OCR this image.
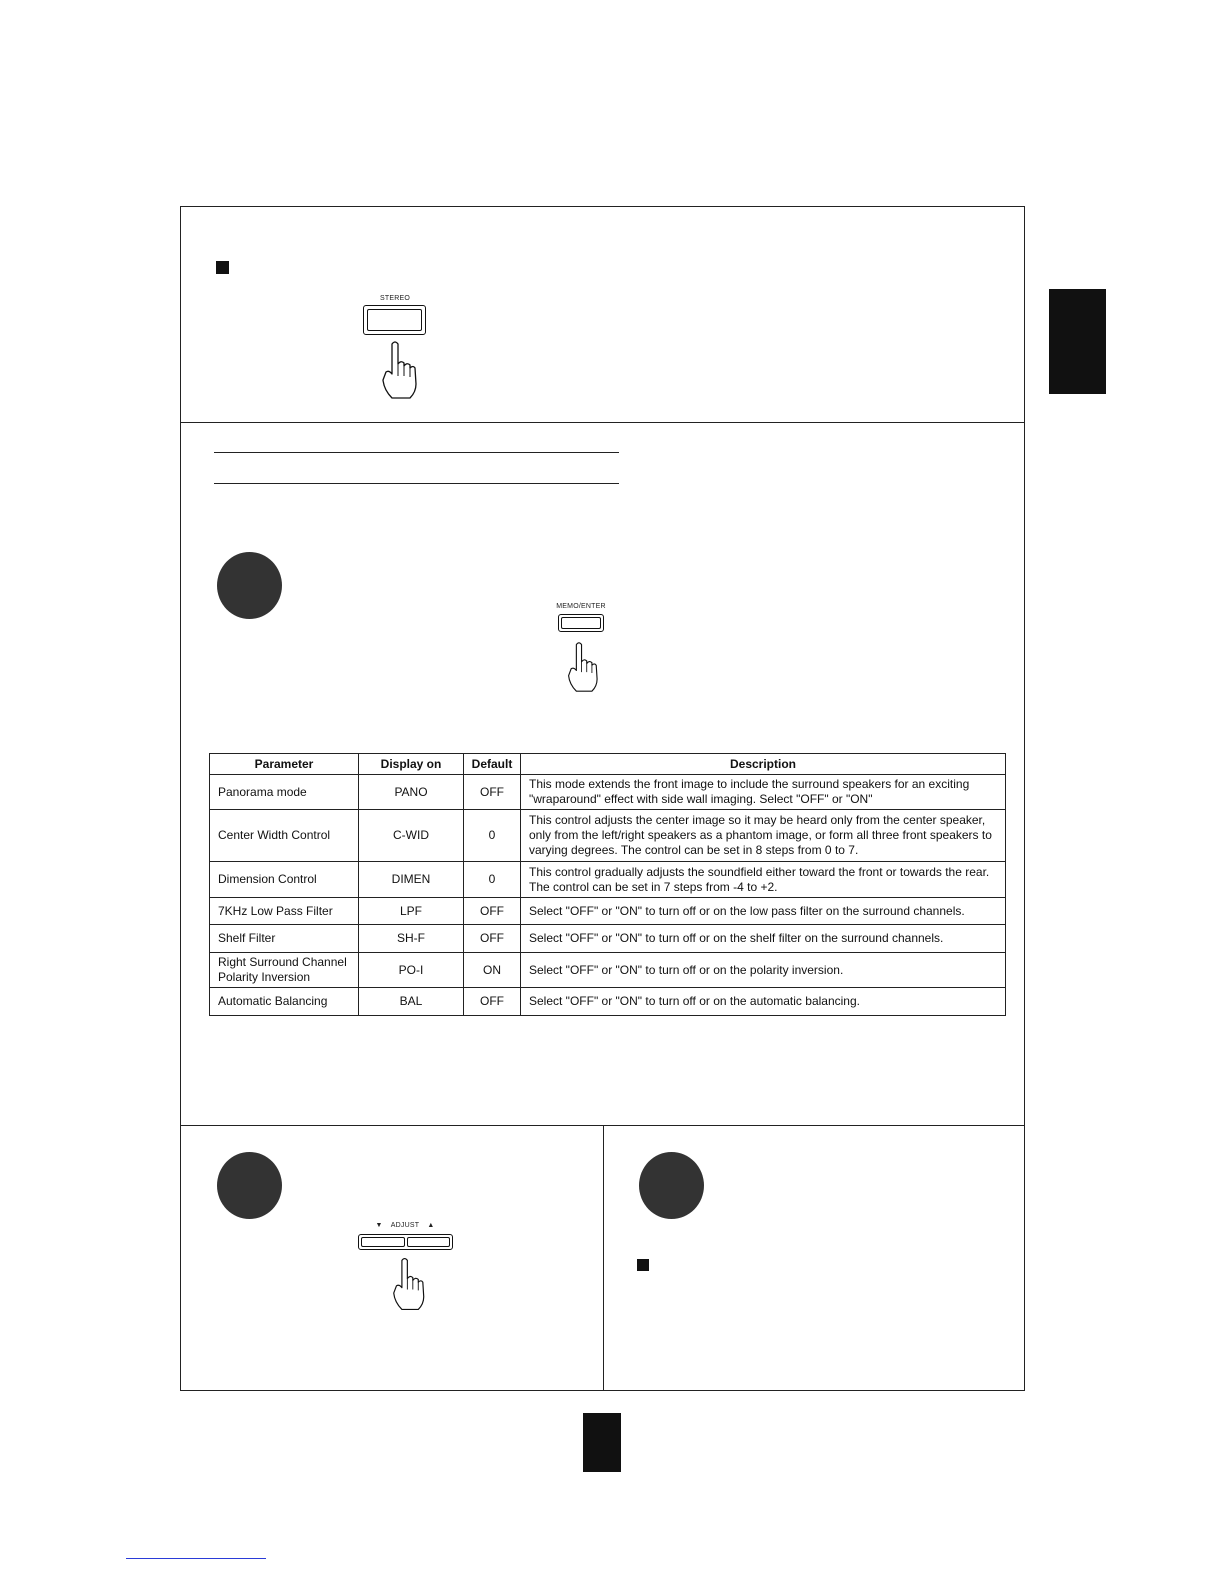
STEREO
MEMO/ENTER
Parameter	Display on	Default	Description
Panorama mode	PANO	OFF	This mode extends the front image to include the surround speakers for an exciting "wraparound" effect with side wall imaging. Select "OFF" or "ON"
Center Width Control	C-WID	0	This control adjusts the center image so it may be heard only from the center speaker, only from the left/right speakers as a phantom image, or form all three front speakers to varying degrees. The control can be set in 8 steps from 0 to 7.
Dimension Control	DIMEN	0	This control gradually adjusts the soundfield either toward the front or towards the rear. The control can be set in 7 steps from -4 to +2.
7KHz Low Pass Filter	LPF	OFF	Select "OFF" or "ON" to turn off or on the low pass filter on the surround channels.
Shelf Filter	SH-F	OFF	Select "OFF" or "ON" to turn off or on the shelf filter on the surround channels.
Right Surround Channel Polarity Inversion	PO-I	ON	Select "OFF" or "ON" to turn off or on the polarity inversion.
Automatic Balancing	BAL	OFF	Select "OFF" or "ON" to turn off or on the automatic balancing.
▼ ADJUST ▲
